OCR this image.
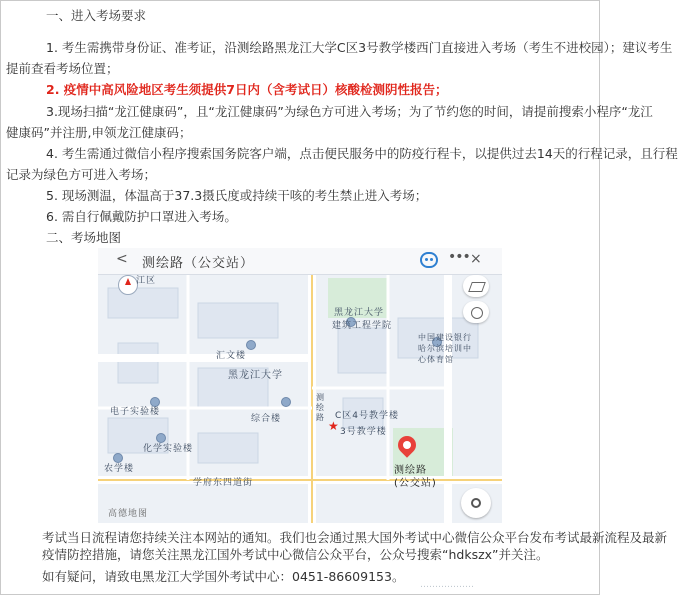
一、进入考场要求
1. 考生需携带身份证、准考证，沿测绘路黑龙江大学C区3号教学楼西门直接进入考场（考生不进校园）；建议考生
提前查看考场位置；
2. 疫情中高风险地区考生须提供7日内（含考试日）核酸检测阴性报告；
3.现场扫描“龙江健康码”，且“龙江健康码”为绿色方可进入考场；为了节约您的时间，请提前搜索小程序“龙江
健康码”并注册,申领龙江健康码；
4. 考生需通过微信小程序搜索国务院客户端，点击便民服务中的防疫行程卡，以提供过去14天的行程记录，且行程
记录为绿色方可进入考场；
5. 现场测温，体温高于37.3摄氏度或持续干咳的考生禁止进入考场；
6. 需自行佩戴防护口罩进入考场。
二、考场地图
< 测绘路（公交站）	••• ×
江区
黑龙江大学
建筑工程学院
中国建设银行
哈尔滨培训中
心体育馆
汇文楼
黑龙江大学
测绘路
电子实验楼
综合楼	C区4号教学楼
3号教学楼
化学实验楼
农学楼
学府东四道街
测绘路
(公交站)
高德地图
★
考试当日流程请您持续关注本网站的通知。我们也会通过黑大国外考试中心微信公众平台发布考试最新流程及最新
疫情防控措施，请您关注黑龙江国外考试中心微信公众平台，公众号搜索“hdkszx”并关注。
如有疑问，请致电黑龙江大学国外考试中心：0451-86609153。
………………
